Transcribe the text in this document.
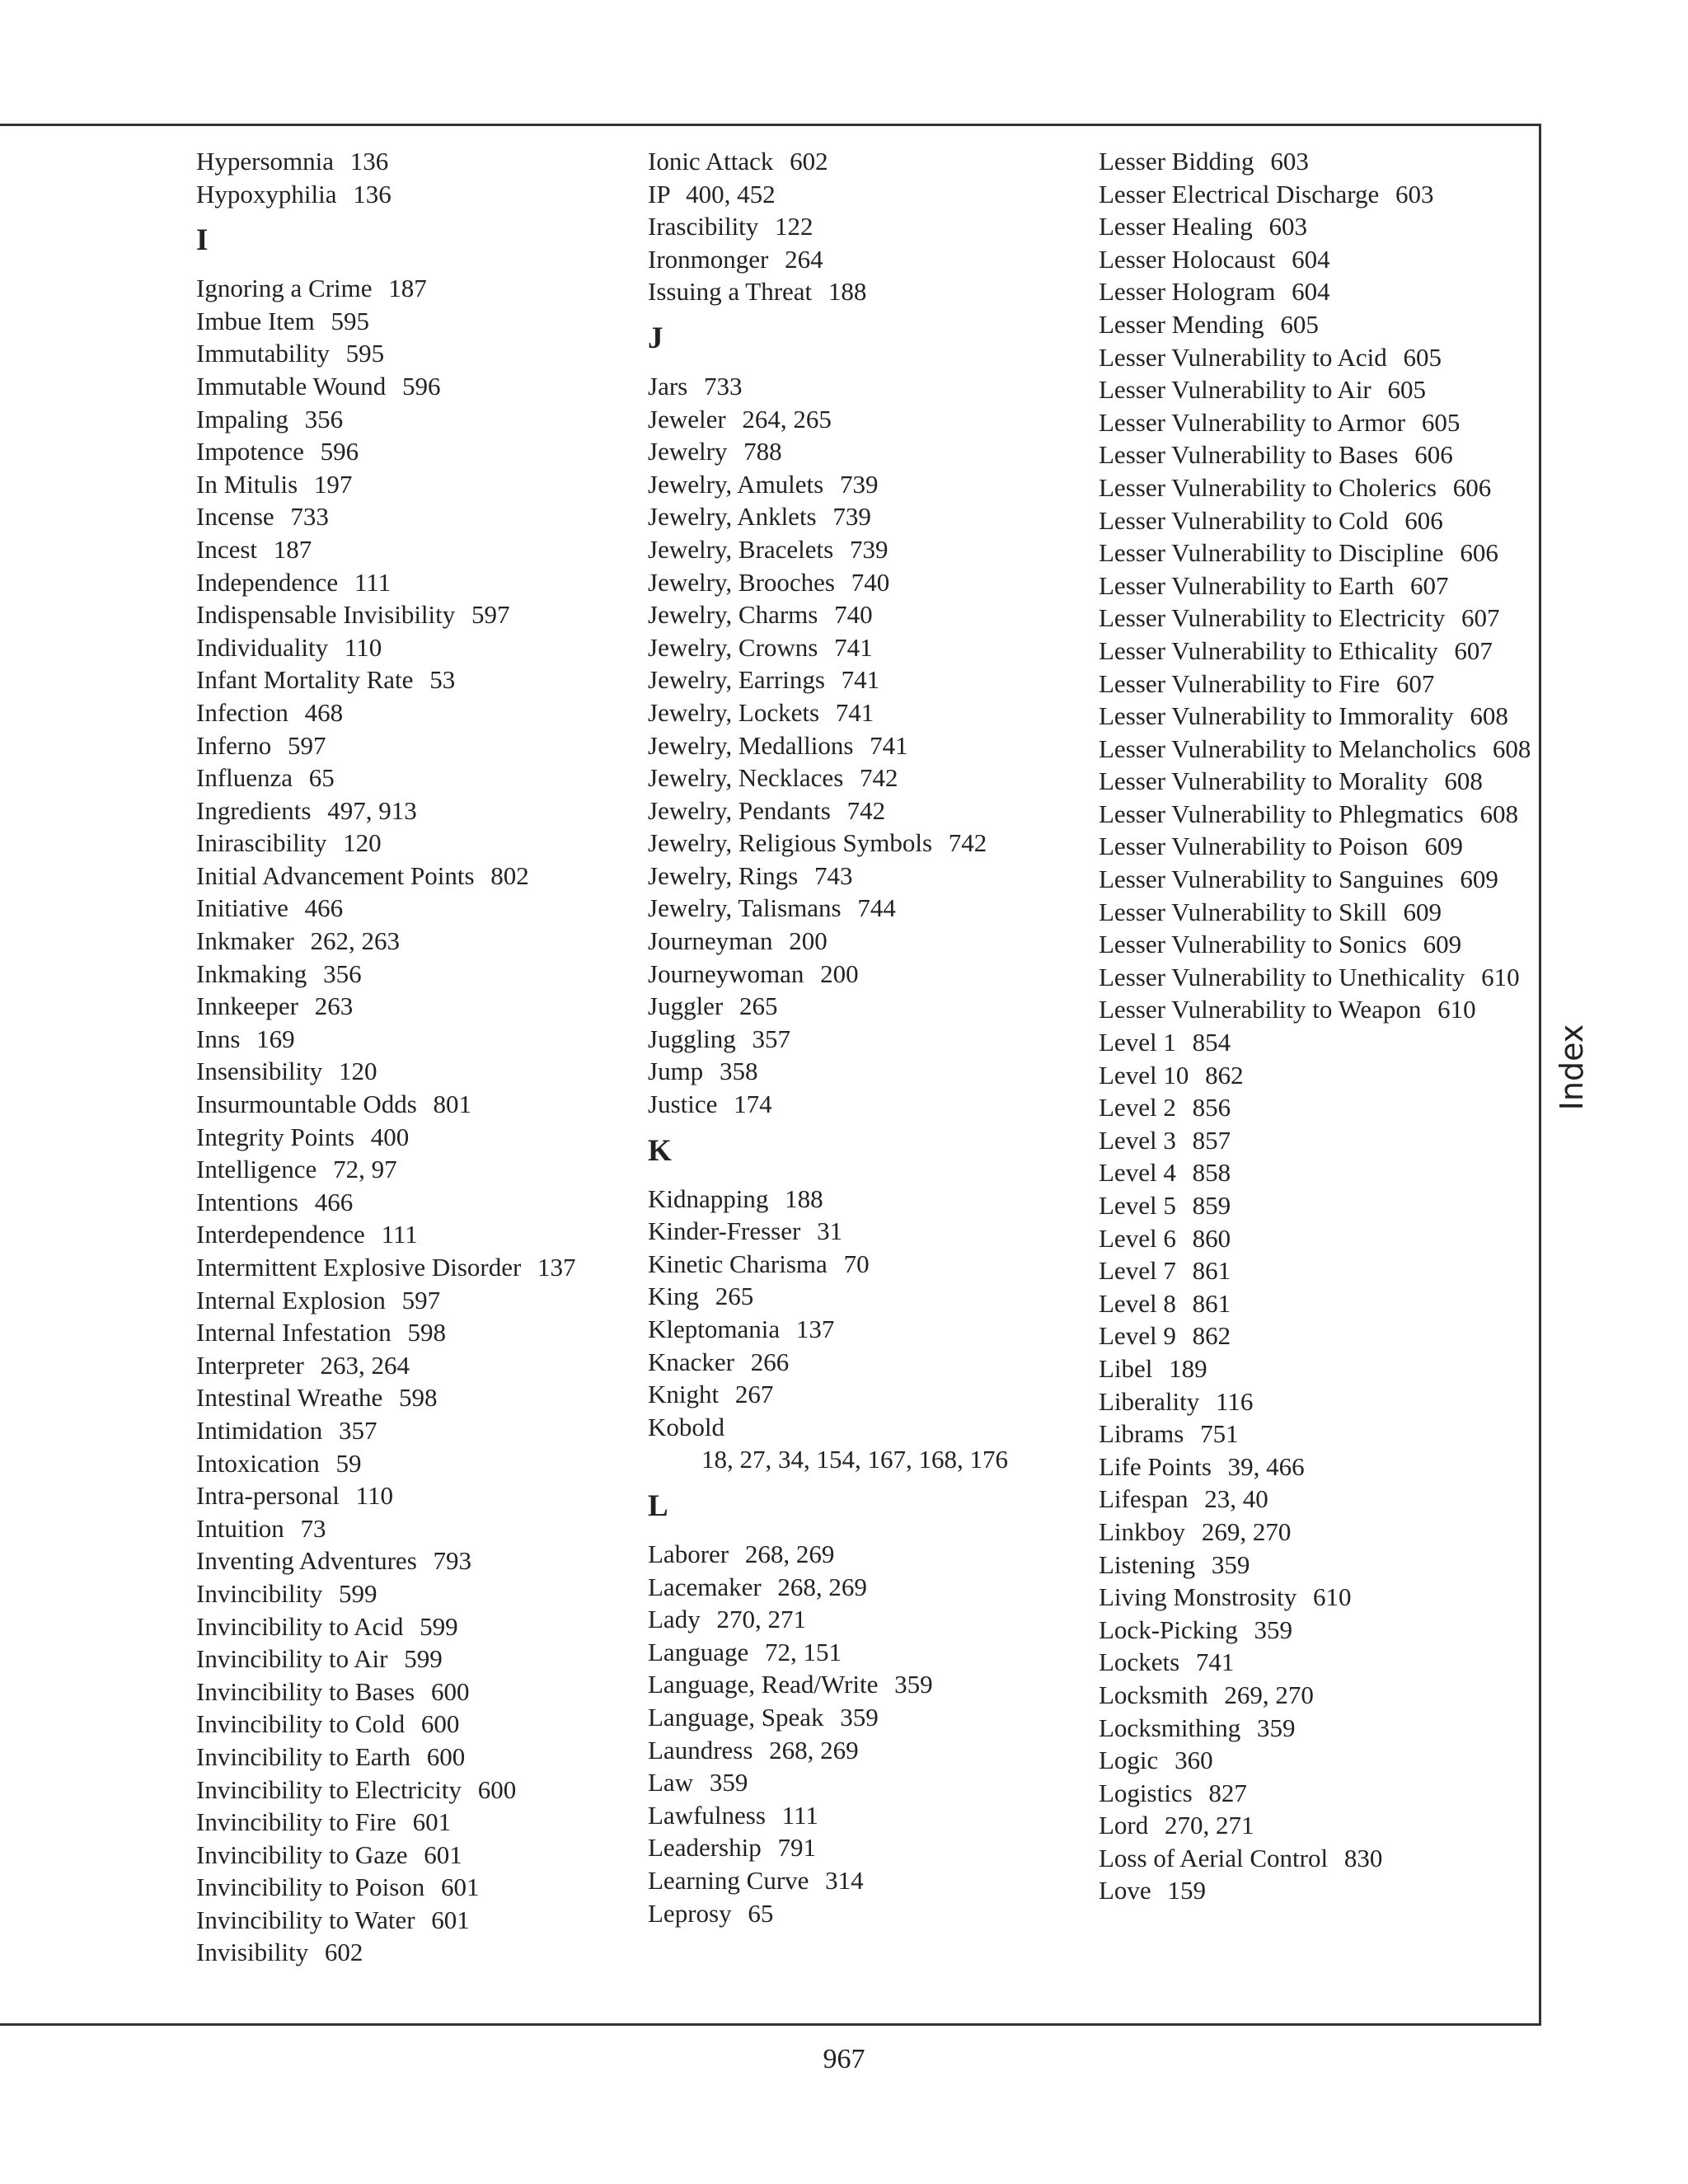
Hypersomnia 136
Hypoxyphilia 136
I
Ignoring a Crime 187
Imbue Item 595
Immutability 595
Immutable Wound 596
Impaling 356
Impotence 596
In Mitulis 197
Incense 733
Incest 187
Independence 111
Indispensable Invisibility 597
Individuality 110
Infant Mortality Rate 53
Infection 468
Inferno 597
Influenza 65
Ingredients 497, 913
Inirascibility 120
Initial Advancement Points 802
Initiative 466
Inkmaker 262, 263
Inkmaking 356
Innkeeper 263
Inns 169
Insensibility 120
Insurmountable Odds 801
Integrity Points 400
Intelligence 72, 97
Intentions 466
Interdependence 111
Intermittent Explosive Disorder 137
Internal Explosion 597
Internal Infestation 598
Interpreter 263, 264
Intestinal Wreathe 598
Intimidation 357
Intoxication 59
Intra-personal 110
Intuition 73
Inventing Adventures 793
Invincibility 599
Invincibility to Acid 599
Invincibility to Air 599
Invincibility to Bases 600
Invincibility to Cold 600
Invincibility to Earth 600
Invincibility to Electricity 600
Invincibility to Fire 601
Invincibility to Gaze 601
Invincibility to Poison 601
Invincibility to Water 601
Invisibility 602
Ionic Attack 602
IP 400, 452
Irascibility 122
Ironmonger 264
Issuing a Threat 188
J
Jars 733
Jeweler 264, 265
Jewelry 788
Jewelry, Amulets 739
Jewelry, Anklets 739
Jewelry, Bracelets 739
Jewelry, Brooches 740
Jewelry, Charms 740
Jewelry, Crowns 741
Jewelry, Earrings 741
Jewelry, Lockets 741
Jewelry, Medallions 741
Jewelry, Necklaces 742
Jewelry, Pendants 742
Jewelry, Religious Symbols 742
Jewelry, Rings 743
Jewelry, Talismans 744
Journeyman 200
Journeywoman 200
Juggler 265
Juggling 357
Jump 358
Justice 174
K
Kidnapping 188
Kinder-Fresser 31
Kinetic Charisma 70
King 265
Kleptomania 137
Knacker 266
Knight 267
Kobold
18, 27, 34, 154, 167, 168, 176
L
Laborer 268, 269
Lacemaker 268, 269
Lady 270, 271
Language 72, 151
Language, Read/Write 359
Language, Speak 359
Laundress 268, 269
Law 359
Lawfulness 111
Leadership 791
Learning Curve 314
Leprosy 65
Lesser Bidding 603
Lesser Electrical Discharge 603
Lesser Healing 603
Lesser Holocaust 604
Lesser Hologram 604
Lesser Mending 605
Lesser Vulnerability to Acid 605
Lesser Vulnerability to Air 605
Lesser Vulnerability to Armor 605
Lesser Vulnerability to Bases 606
Lesser Vulnerability to Cholerics 606
Lesser Vulnerability to Cold 606
Lesser Vulnerability to Discipline 606
Lesser Vulnerability to Earth 607
Lesser Vulnerability to Electricity 607
Lesser Vulnerability to Ethicality 607
Lesser Vulnerability to Fire 607
Lesser Vulnerability to Immorality 608
Lesser Vulnerability to Melancholics 608
Lesser Vulnerability to Morality 608
Lesser Vulnerability to Phlegmatics 608
Lesser Vulnerability to Poison 609
Lesser Vulnerability to Sanguines 609
Lesser Vulnerability to Skill 609
Lesser Vulnerability to Sonics 609
Lesser Vulnerability to Unethicality 610
Lesser Vulnerability to Weapon 610
Level 1 854
Level 10 862
Level 2 856
Level 3 857
Level 4 858
Level 5 859
Level 6 860
Level 7 861
Level 8 861
Level 9 862
Libel 189
Liberality 116
Librams 751
Life Points 39, 466
Lifespan 23, 40
Linkboy 269, 270
Listening 359
Living Monstrosity 610
Lock-Picking 359
Lockets 741
Locksmith 269, 270
Locksmithing 359
Logic 360
Logistics 827
Lord 270, 271
Loss of Aerial Control 830
Love 159
Index
967
